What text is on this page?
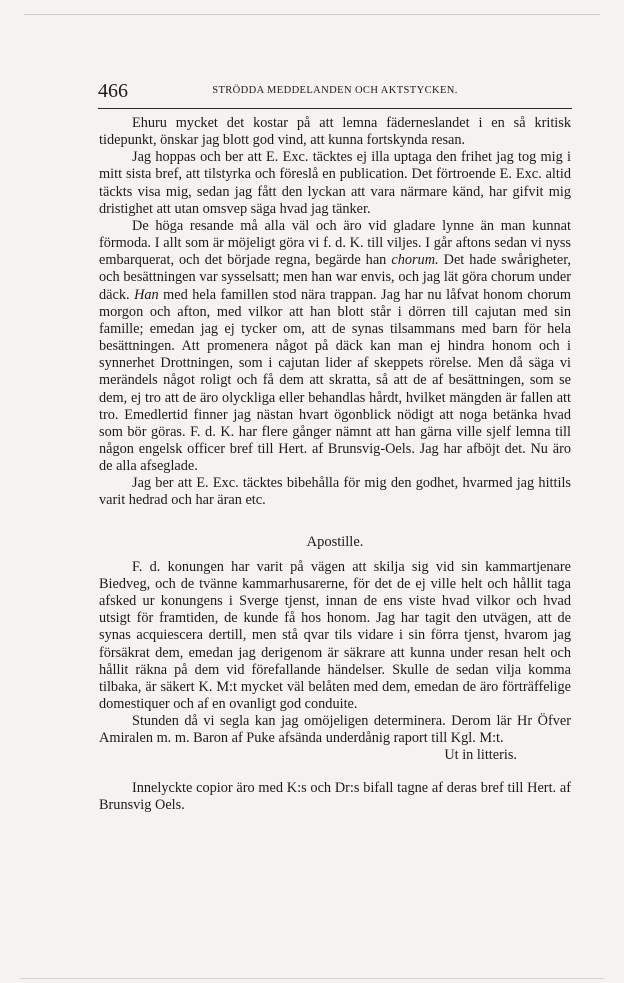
466	STRÖDDA MEDDELANDEN OCH AKTSTYCKEN.

Ehuru mycket det kostar på att lemna fäderneslandet i en så kritisk tidepunkt, önskar jag blott god vind, att kunna fortskynda resan.

Jag hoppas och ber att E. Exc. täcktes ej illa uptaga den frihet jag tog mig i mitt sista bref, att tilstyrka och föreslå en publication. Det förtroende E. Exc. altid täckts visa mig, sedan jag fått den lyckan att vara närmare känd, har gifvit mig dristighet att utan omsvep säga hvad jag tänker.

De höga resande må alla väl och äro vid gladare lynne än man kunnat förmoda. I allt som är möjeligt göra vi f. d. K. till viljes. I går aftons sedan vi nyss embarquerat, och det började regna, begärde han chorum. Det hade swårigheter, och besättningen var sysselsatt; men han war envis, och jag lät göra chorum under däck. Han med hela famillen stod nära trappan. Jag har nu låfvat honom chorum morgon och afton, med vilkor att han blott står i dörren till cajutan med sin famille; emedan jag ej tycker om, att de synas tilsammans med barn för hela besättningen. Att promenera något på däck kan man ej hindra honom och i synnerhet Drottningen, som i cajutan lider af skeppets rörelse. Men då säga vi merändels något roligt och få dem att skratta, så att de af besättningen, som se dem, ej tro att de äro olyckliga eller behandlas hårdt, hvilket mängden är fallen att tro. Emedlertid finner jag nästan hvart ögonblick nödigt att noga betänka hvad som bör göras. F. d. K. har flere gånger nämnt att han gärna ville sjelf lemna till någon engelsk officer bref till Hert. af Brunsvig-Oels. Jag har afböjt det. Nu äro de alla afseglade.

Jag ber att E. Exc. täcktes bibehålla för mig den godhet, hvarmed jag hittils varit hedrad och har äran etc.

Apostille.

F. d. konungen har varit på vägen att skilja sig vid sin kammartjenare Biedveg, och de tvänne kammarhusarerne, för det de ej ville helt och hållit taga afsked ur konungens i Sverge tjenst, innan de ens viste hvad vilkor och hvad utsigt för framtiden, de kunde få hos honom. Jag har tagit den utvägen, att de synas acquiescera dertill, men stå qvar tils vidare i sin förra tjenst, hvarom jag försäkrat dem, emedan jag derigenom är säkrare att kunna under resan helt och hållit räkna på dem vid förefallande händelser. Skulle de sedan vilja komma tilbaka, är säkert K. M:t mycket väl belåten med dem, emedan de äro förträffelige domestiquer och af en ovanligt god conduite.

Stunden då vi segla kan jag omöjeligen determinera. Derom lär Hr Öfver Amiralen m. m. Baron af Puke afsända underdånig raport till Kgl. M:t.

Ut in litteris.

Innelyckte copior äro med K:s och Dr:s bifall tagne af deras bref till Hert. af Brunsvig Oels.
